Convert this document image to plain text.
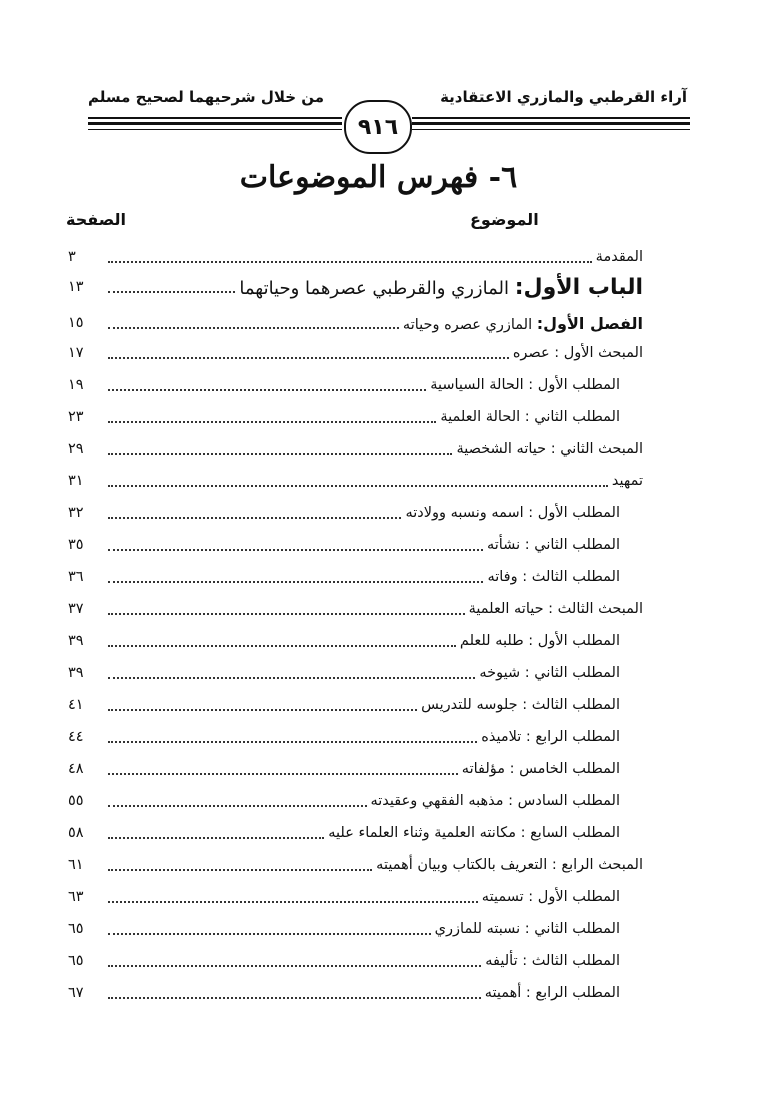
آراء القرطبي والمازري الاعتقادية
من خلال شرحيهما لصحيح مسلم
٩١٦
٦- فهرس الموضوعات
الموضوع
الصفحة
المقدمة
٣
الباب الأول: المازري والقرطبي عصرهما وحياتهما
١٣
الفصل الأول: المازري عصره وحياته
١٥
المبحث الأول : عصره
١٧
المطلب الأول : الحالة السياسية
١٩
المطلب الثاني : الحالة العلمية
٢٣
المبحث الثاني : حياته الشخصية
٢٩
تمهيد
٣١
المطلب الأول : اسمه ونسبه وولادته
٣٢
المطلب الثاني : نشأته
٣٥
المطلب الثالث : وفاته
٣٦
المبحث الثالث : حياته العلمية
٣٧
المطلب الأول : طلبه للعلم
٣٩
المطلب الثاني : شيوخه
٣٩
المطلب الثالث : جلوسه للتدريس
٤١
المطلب الرابع : تلاميذه
٤٤
المطلب الخامس : مؤلفاته
٤٨
المطلب السادس : مذهبه الفقهي وعقيدته
٥٥
المطلب السابع : مكانته العلمية وثناء العلماء عليه
٥٨
المبحث الرابع : التعريف بالكتاب وبيان أهميته
٦١
المطلب الأول : تسميته
٦٣
المطلب الثاني : نسبته للمازري
٦٥
المطلب الثالث : تأليفه
٦٥
المطلب الرابع : أهميته
٦٧
